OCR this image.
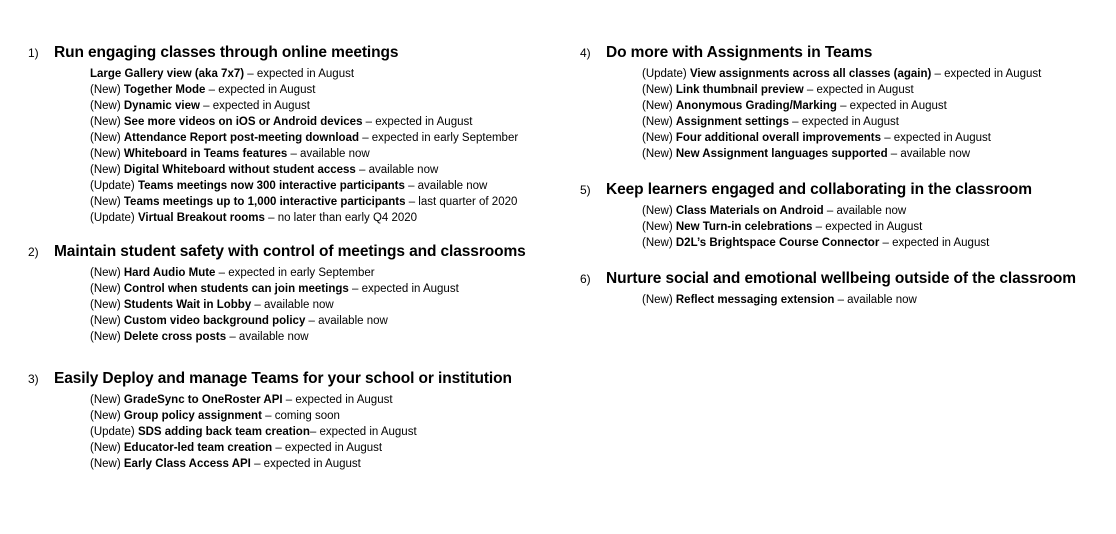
1) Run engaging classes through online meetings
Large Gallery view (aka 7x7) – expected in August
(New) Together Mode – expected in August
(New) Dynamic view – expected in August
(New) See more videos on iOS or Android devices – expected in August
(New) Attendance Report post-meeting download – expected in early September
(New) Whiteboard in Teams features – available now
(New) Digital Whiteboard without student access – available now
(Update) Teams meetings now 300 interactive participants – available now
(New) Teams meetings up to 1,000 interactive participants – last quarter of 2020
(Update) Virtual Breakout rooms – no later than early Q4 2020
2) Maintain student safety with control of meetings and classrooms
(New) Hard Audio Mute – expected in early September
(New) Control when students can join meetings – expected in August
(New) Students Wait in Lobby – available now
(New) Custom video background policy – available now
(New) Delete cross posts – available now
3) Easily Deploy and manage Teams for your school or institution
(New) GradeSync to OneRoster API – expected in August
(New) Group policy assignment – coming soon
(Update) SDS adding back team creation– expected in August
(New) Educator-led team creation – expected in August
(New) Early Class Access API – expected in August
4) Do more with Assignments in Teams
(Update) View assignments across all classes (again) – expected in August
(New) Link thumbnail preview – expected in August
(New) Anonymous Grading/Marking – expected in August
(New) Assignment settings – expected in August
(New) Four additional overall improvements – expected in August
(New) New Assignment languages supported – available now
5) Keep learners engaged and collaborating in the classroom
(New) Class Materials on Android – available now
(New) New Turn-in celebrations – expected in August
(New) D2L’s Brightspace Course Connector – expected in August
6) Nurture social and emotional wellbeing outside of the classroom
(New) Reflect messaging extension – available now
